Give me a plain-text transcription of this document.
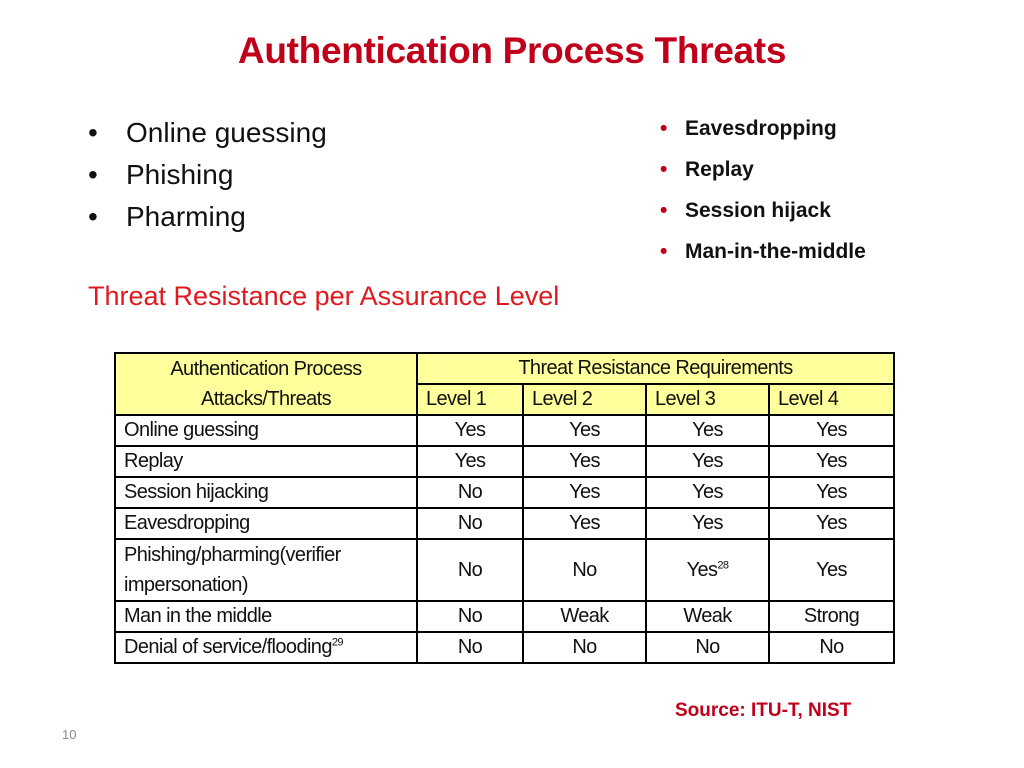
Authentication Process Threats
• Online guessing
• Phishing
• Pharming
• Eavesdropping
• Replay
• Session hijack
• Man-in-the-middle
Threat Resistance per Assurance Level
Authentication Process
Attacks/Threats	Threat Resistance Requirements			
	Level 1	Level 2	Level 3	Level 4
Online guessing	Yes	Yes	Yes	Yes
Replay	Yes	Yes	Yes	Yes
Session hijacking	No	Yes	Yes	Yes
Eavesdropping	No	Yes	Yes	Yes

Phishing/pharming(verifier
impersonation)	No	No	Yes$^{28}$	Yes
Man in the middle	No	Weak	Weak	Strong
Denial of service/flooding$^{29}$	No	No	No	No
Source: ITU-T, NIST
10
